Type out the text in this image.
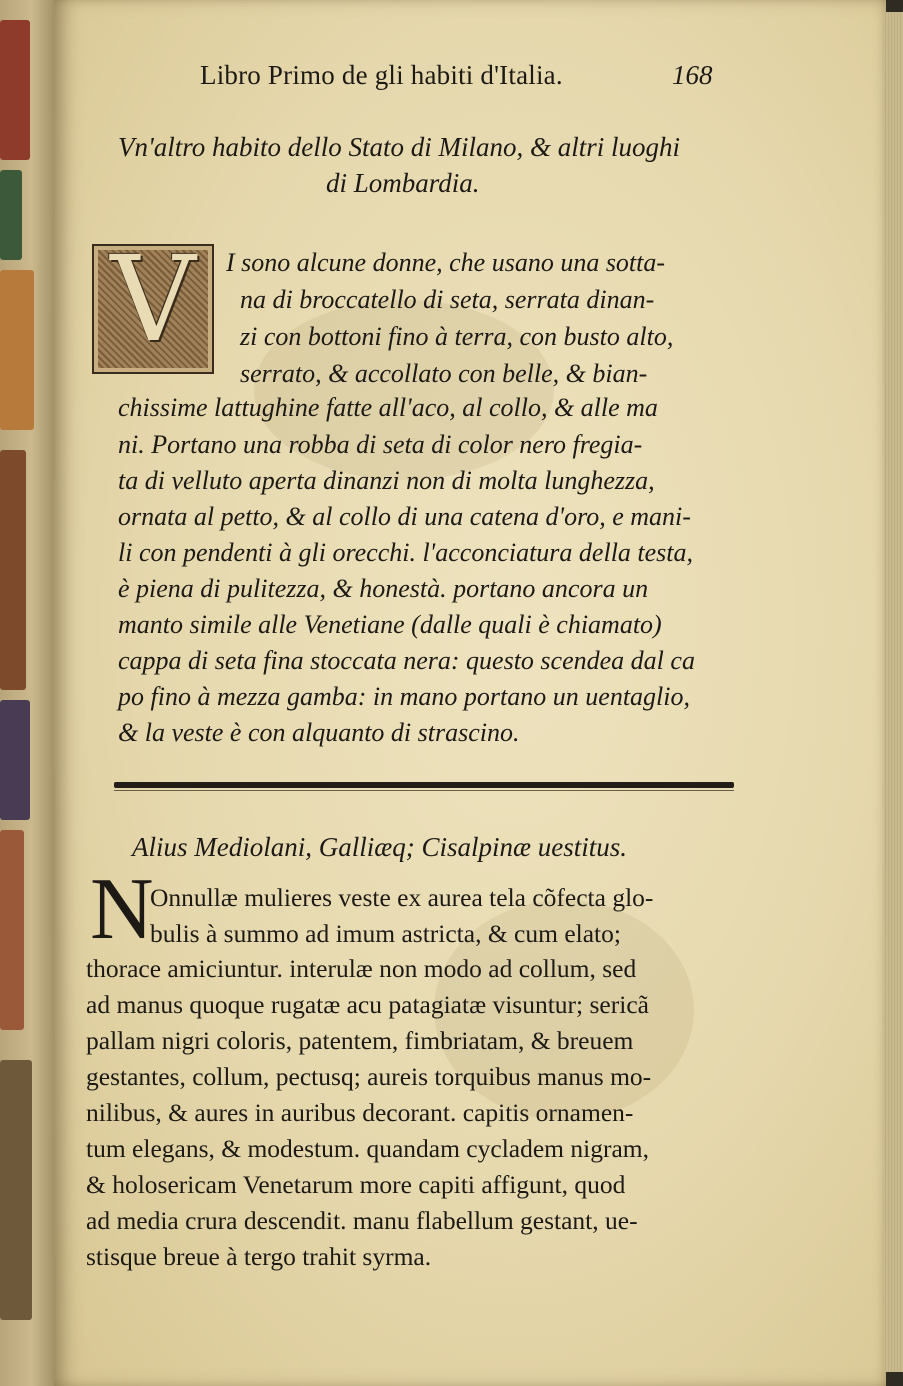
Libro Primo de gli habiti d'Italia.	168
Vn'altro habito dello Stato di Milano, & altri luoghi
di Lombardia.
V	I sono alcune donne, che usano una sotta-
na di broccatello di seta, serrata dinan-
zi con bottoni fino à terra, con busto alto,
serrato, & accollato con belle, & bian-
chissime lattughine fatte all'aco, al collo, & alle ma
ni. Portano una robba di seta di color nero fregia-
ta di velluto aperta dinanzi non di molta lunghezza,
ornata al petto, & al collo di una catena d'oro, e mani-
li con pendenti à gli orecchi. l'acconciatura della testa,
è piena di pulitezza, & honestà. portano ancora un
manto simile alle Venetiane (dalle quali è chiamato)
cappa di seta fina stoccata nera: questo scendea dal ca
po fino à mezza gamba: in mano portano un uentaglio,
& la veste è con alquanto di strascino.
Alius Mediolani, Galliæq; Cisalpinæ uestitus.
N
Onnullæ mulieres veste ex aurea tela cõfecta glo-
bulis à summo ad imum astricta, & cum elato;
thorace amiciuntur. interulæ non modo ad collum, sed
ad manus quoque rugatæ acu patagiatæ visuntur; sericã
pallam nigri coloris, patentem, fimbriatam, & breuem
gestantes, collum, pectusq; aureis torquibus manus mo-
nilibus, & aures in auribus decorant. capitis ornamen-
tum elegans, & modestum. quandam cycladem nigram,
& holosericam Venetarum more capiti affigunt, quod
ad media crura descendit. manu flabellum gestant, ue-
stisque breue à tergo trahit syrma.
